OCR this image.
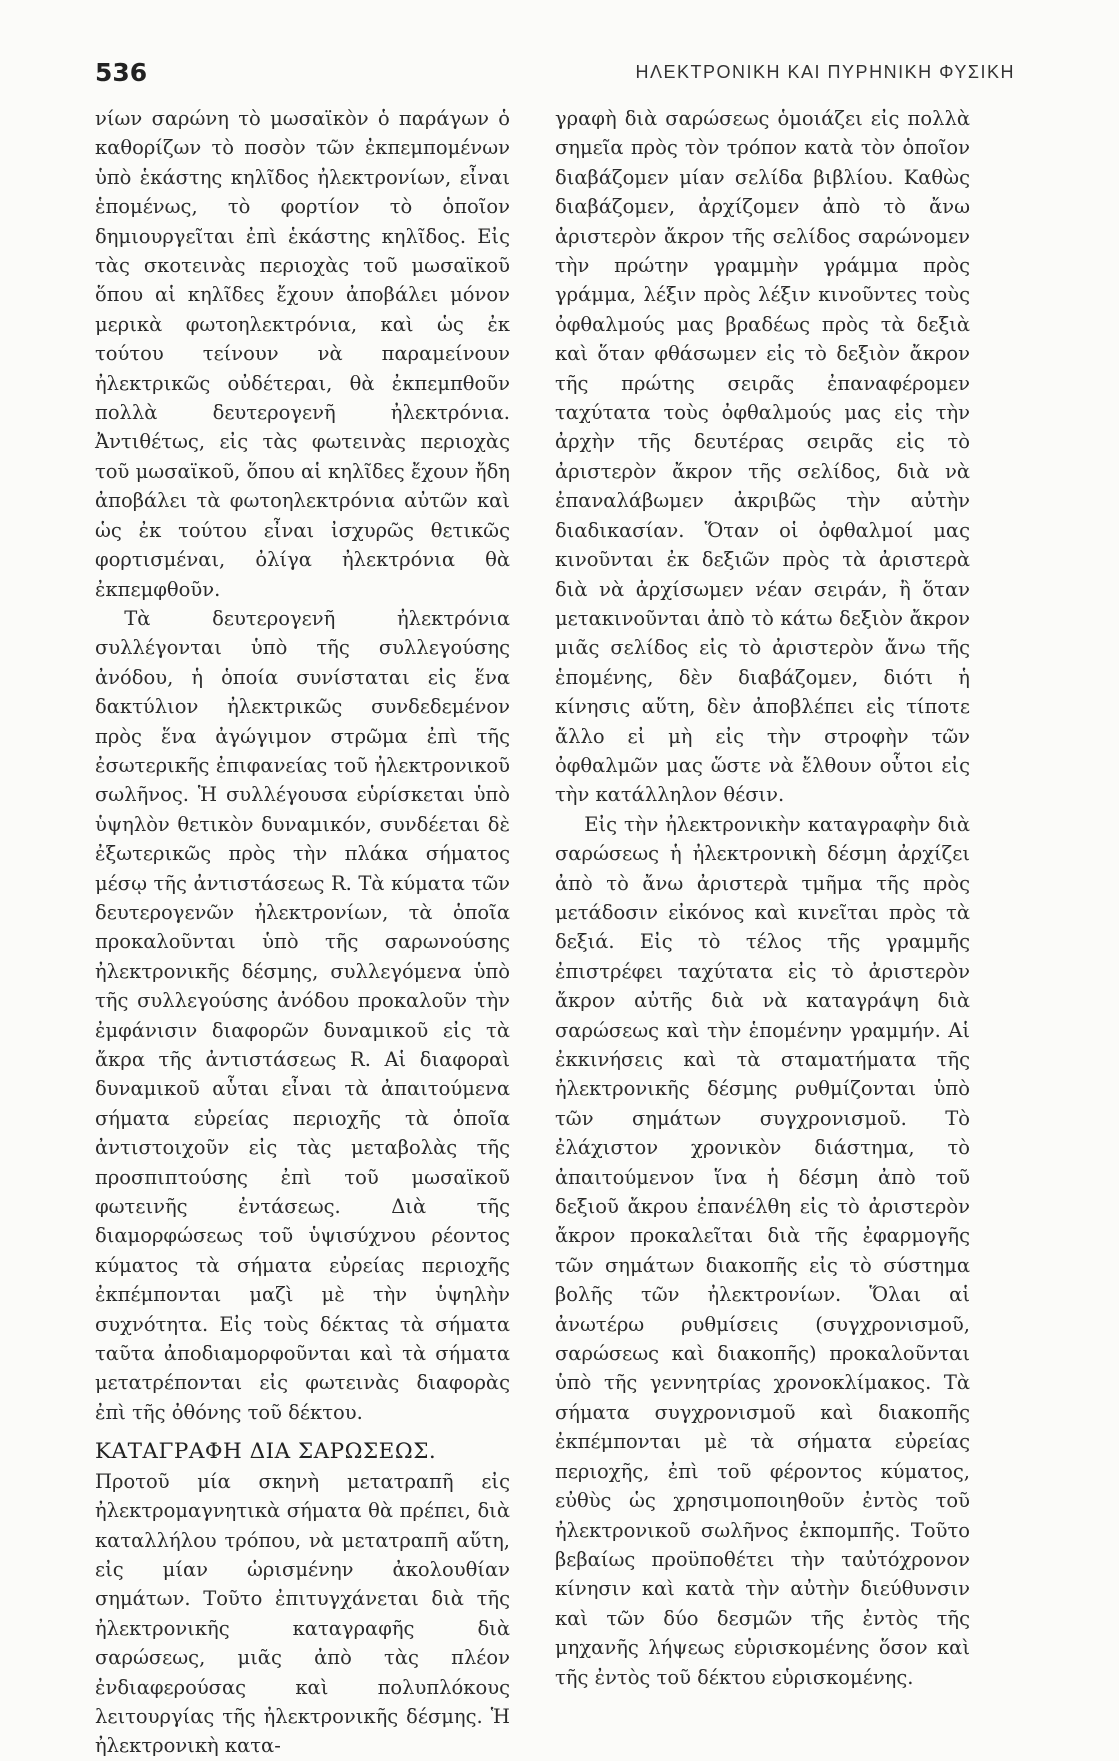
536	ΗΛΕΚΤΡΟΝΙΚΗ ΚΑΙ ΠΥΡΗΝΙΚΗ ΦΥΣΙΚΗ

νίων σαρώνη τὸ μωσαϊκὸν ὁ παράγων ὁ καθορίζων τὸ ποσὸν τῶν ἐκπεμπομένων ὑπὸ ἑκάστης κηλῖδος ἠλεκτρονίων, εἶναι ἑπομένως, τὸ φορτίον τὸ ὁποῖον δημιουργεῖται ἐπὶ ἑκάστης κηλῖδος. Εἰς τὰς σκοτεινὰς περιοχὰς τοῦ μωσαϊκοῦ ὅπου αἱ κηλῖδες ἔχουν ἀποβάλει μόνον μερικὰ φωτοηλεκτρόνια, καὶ ὡς ἐκ τούτου τείνουν νὰ παραμείνουν ἠλεκτρικῶς οὐδέτεραι, θὰ ἐκπεμπθοῦν πολλὰ δευτερογενῆ ἠλεκτρόνια. Ἀντιθέτως, εἰς τὰς φωτεινὰς περιοχὰς τοῦ μωσαϊκοῦ, ὅπου αἱ κηλῖδες ἔχουν ἤδη ἀποβάλει τὰ φωτοηλεκτρόνια αὐτῶν καὶ ὡς ἐκ τούτου εἶναι ἰσχυρῶς θετικῶς φορτισμέναι, ὀλίγα ἠλεκτρόνια θὰ ἐκπεμφθοῦν.

Τὰ δευτερογενῆ ἠλεκτρόνια συλλέγονται ὑπὸ τῆς συλλεγούσης ἀνόδου, ἡ ὁποία συνίσταται εἰς ἕνα δακτύλιον ἠλεκτρικῶς συνδεδεμένον πρὸς ἕνα ἀγώγιμον στρῶμα ἐπὶ τῆς ἐσωτερικῆς ἐπιφανείας τοῦ ἠλεκτρονικοῦ σωλῆνος. Ἡ συλλέγουσα εὑρίσκεται ὑπὸ ὑψηλὸν θετικὸν δυναμικόν, συνδέεται δὲ ἐξωτερικῶς πρὸς τὴν πλάκα σήματος μέσῳ τῆς ἀντιστάσεως R. Τὰ κύματα τῶν δευτερογενῶν ἠλεκτρονίων, τὰ ὁποῖα προκαλοῦνται ὑπὸ τῆς σαρωνούσης ἠλεκτρονικῆς δέσμης, συλλεγόμενα ὑπὸ τῆς συλλεγούσης ἀνόδου προκαλοῦν τὴν ἐμφάνισιν διαφορῶν δυναμικοῦ εἰς τὰ ἄκρα τῆς ἀντιστάσεως R. Αἱ διαφοραὶ δυναμικοῦ αὗται εἶναι τὰ ἀπαιτούμενα σήματα εὐρείας περιοχῆς τὰ ὁποῖα ἀντιστοιχοῦν εἰς τὰς μεταβολὰς τῆς προσπιπτούσης ἐπὶ τοῦ μωσαϊκοῦ φωτεινῆς ἐντάσεως. Διὰ τῆς διαμορφώσεως τοῦ ὑψισύχνου ρέοντος κύματος τὰ σήματα εὐρείας περιοχῆς ἐκπέμπονται μαζὶ μὲ τὴν ὑψηλὴν συχνότητα. Εἰς τοὺς δέκτας τὰ σήματα ταῦτα ἀποδιαμορφοῦνται καὶ τὰ σήματα μετατρέπονται εἰς φωτεινὰς διαφορὰς ἐπὶ τῆς ὀθόνης τοῦ δέκτου.

ΚΑΤΑΓΡΑΦΗ ΔΙΑ ΣΑΡΩΣΕΩΣ.

Προτοῦ μία σκηνὴ μετατραπῆ εἰς ἠλεκτρομαγνητικὰ σήματα θὰ πρέπει, διὰ καταλλήλου τρόπου, νὰ μετατραπῆ αὕτη, εἰς μίαν ὡρισμένην ἀκολουθίαν σημάτων. Τοῦτο ἐπιτυγχάνεται διὰ τῆς ἠλεκτρονικῆς καταγραφῆς διὰ σαρώσεως, μιᾶς ἀπὸ τὰς πλέον ἐνδιαφερούσας καὶ πολυπλόκους λειτουργίας τῆς ἠλεκτρονικῆς δέσμης. Ἡ ἠλεκτρονικὴ κατα-

γραφὴ διὰ σαρώσεως ὁμοιάζει εἰς πολλὰ σημεῖα πρὸς τὸν τρόπον κατὰ τὸν ὁποῖον διαβάζομεν μίαν σελίδα βιβλίου. Καθὼς διαβάζομεν, ἀρχίζομεν ἀπὸ τὸ ἄνω ἀριστερὸν ἄκρον τῆς σελίδος σαρώνομεν τὴν πρώτην γραμμὴν γράμμα πρὸς γράμμα, λέξιν πρὸς λέξιν κινοῦντες τοὺς ὀφθαλμούς μας βραδέως πρὸς τὰ δεξιὰ καὶ ὅταν φθάσωμεν εἰς τὸ δεξιὸν ἄκρον τῆς πρώτης σειρᾶς ἐπαναφέρομεν ταχύτατα τοὺς ὀφθαλμούς μας εἰς τὴν ἀρχὴν τῆς δευτέρας σειρᾶς εἰς τὸ ἀριστερὸν ἄκρον τῆς σελίδος, διὰ νὰ ἐπαναλάβωμεν ἀκριβῶς τὴν αὐτὴν διαδικασίαν. Ὅταν οἱ ὀφθαλμοί μας κινοῦνται ἐκ δεξιῶν πρὸς τὰ ἀριστερὰ διὰ νὰ ἀρχίσωμεν νέαν σειράν, ἢ ὅταν μετακινοῦνται ἀπὸ τὸ κάτω δεξιὸν ἄκρον μιᾶς σελίδος εἰς τὸ ἀριστερὸν ἄνω τῆς ἑπομένης, δὲν διαβάζομεν, διότι ἡ κίνησις αὕτη, δὲν ἀποβλέπει εἰς τίποτε ἄλλο εἰ μὴ εἰς τὴν στροφὴν τῶν ὀφθαλμῶν μας ὥστε νὰ ἔλθουν οὗτοι εἰς τὴν κατάλληλον θέσιν.

Εἰς τὴν ἠλεκτρονικὴν καταγραφὴν διὰ σαρώσεως ἡ ἠλεκτρονικὴ δέσμη ἀρχίζει ἀπὸ τὸ ἄνω ἀριστερὰ τμῆμα τῆς πρὸς μετάδοσιν εἰκόνος καὶ κινεῖται πρὸς τὰ δεξιά. Εἰς τὸ τέλος τῆς γραμμῆς ἐπιστρέφει ταχύτατα εἰς τὸ ἀριστερὸν ἄκρον αὐτῆς διὰ νὰ καταγράψη διὰ σαρώσεως καὶ τὴν ἑπομένην γραμμήν. Αἱ ἐκκινήσεις καὶ τὰ σταματήματα τῆς ἠλεκτρονικῆς δέσμης ρυθμίζονται ὑπὸ τῶν σημάτων συγχρονισμοῦ. Τὸ ἐλάχιστον χρονικὸν διάστημα, τὸ ἀπαιτούμενον ἵνα ἡ δέσμη ἀπὸ τοῦ δεξιοῦ ἄκρου ἐπανέλθη εἰς τὸ ἀριστερὸν ἄκρον προκαλεῖται διὰ τῆς ἐφαρμογῆς τῶν σημάτων διακοπῆς εἰς τὸ σύστημα βολῆς τῶν ἠλεκτρονίων. Ὅλαι αἱ ἀνωτέρω ρυθμίσεις (συγχρονισμοῦ, σαρώσεως καὶ διακοπῆς) προκαλοῦνται ὑπὸ τῆς γεννητρίας χρονοκλίμακος. Τὰ σήματα συγχρονισμοῦ καὶ διακοπῆς ἐκπέμπονται μὲ τὰ σήματα εὐρείας περιοχῆς, ἐπὶ τοῦ φέροντος κύματος, εὐθὺς ὡς χρησιμοποιηθοῦν ἐντὸς τοῦ ἠλεκτρονικοῦ σωλῆνος ἐκπομπῆς. Τοῦτο βεβαίως προϋποθέτει τὴν ταὐτόχρονον κίνησιν καὶ κατὰ τὴν αὐτὴν διεύθυνσιν καὶ τῶν δύο δεσμῶν τῆς ἐντὸς τῆς μηχανῆς λήψεως εὑρισκομένης ὅσον καὶ τῆς ἐντὸς τοῦ δέκτου εὑρισκομένης.
